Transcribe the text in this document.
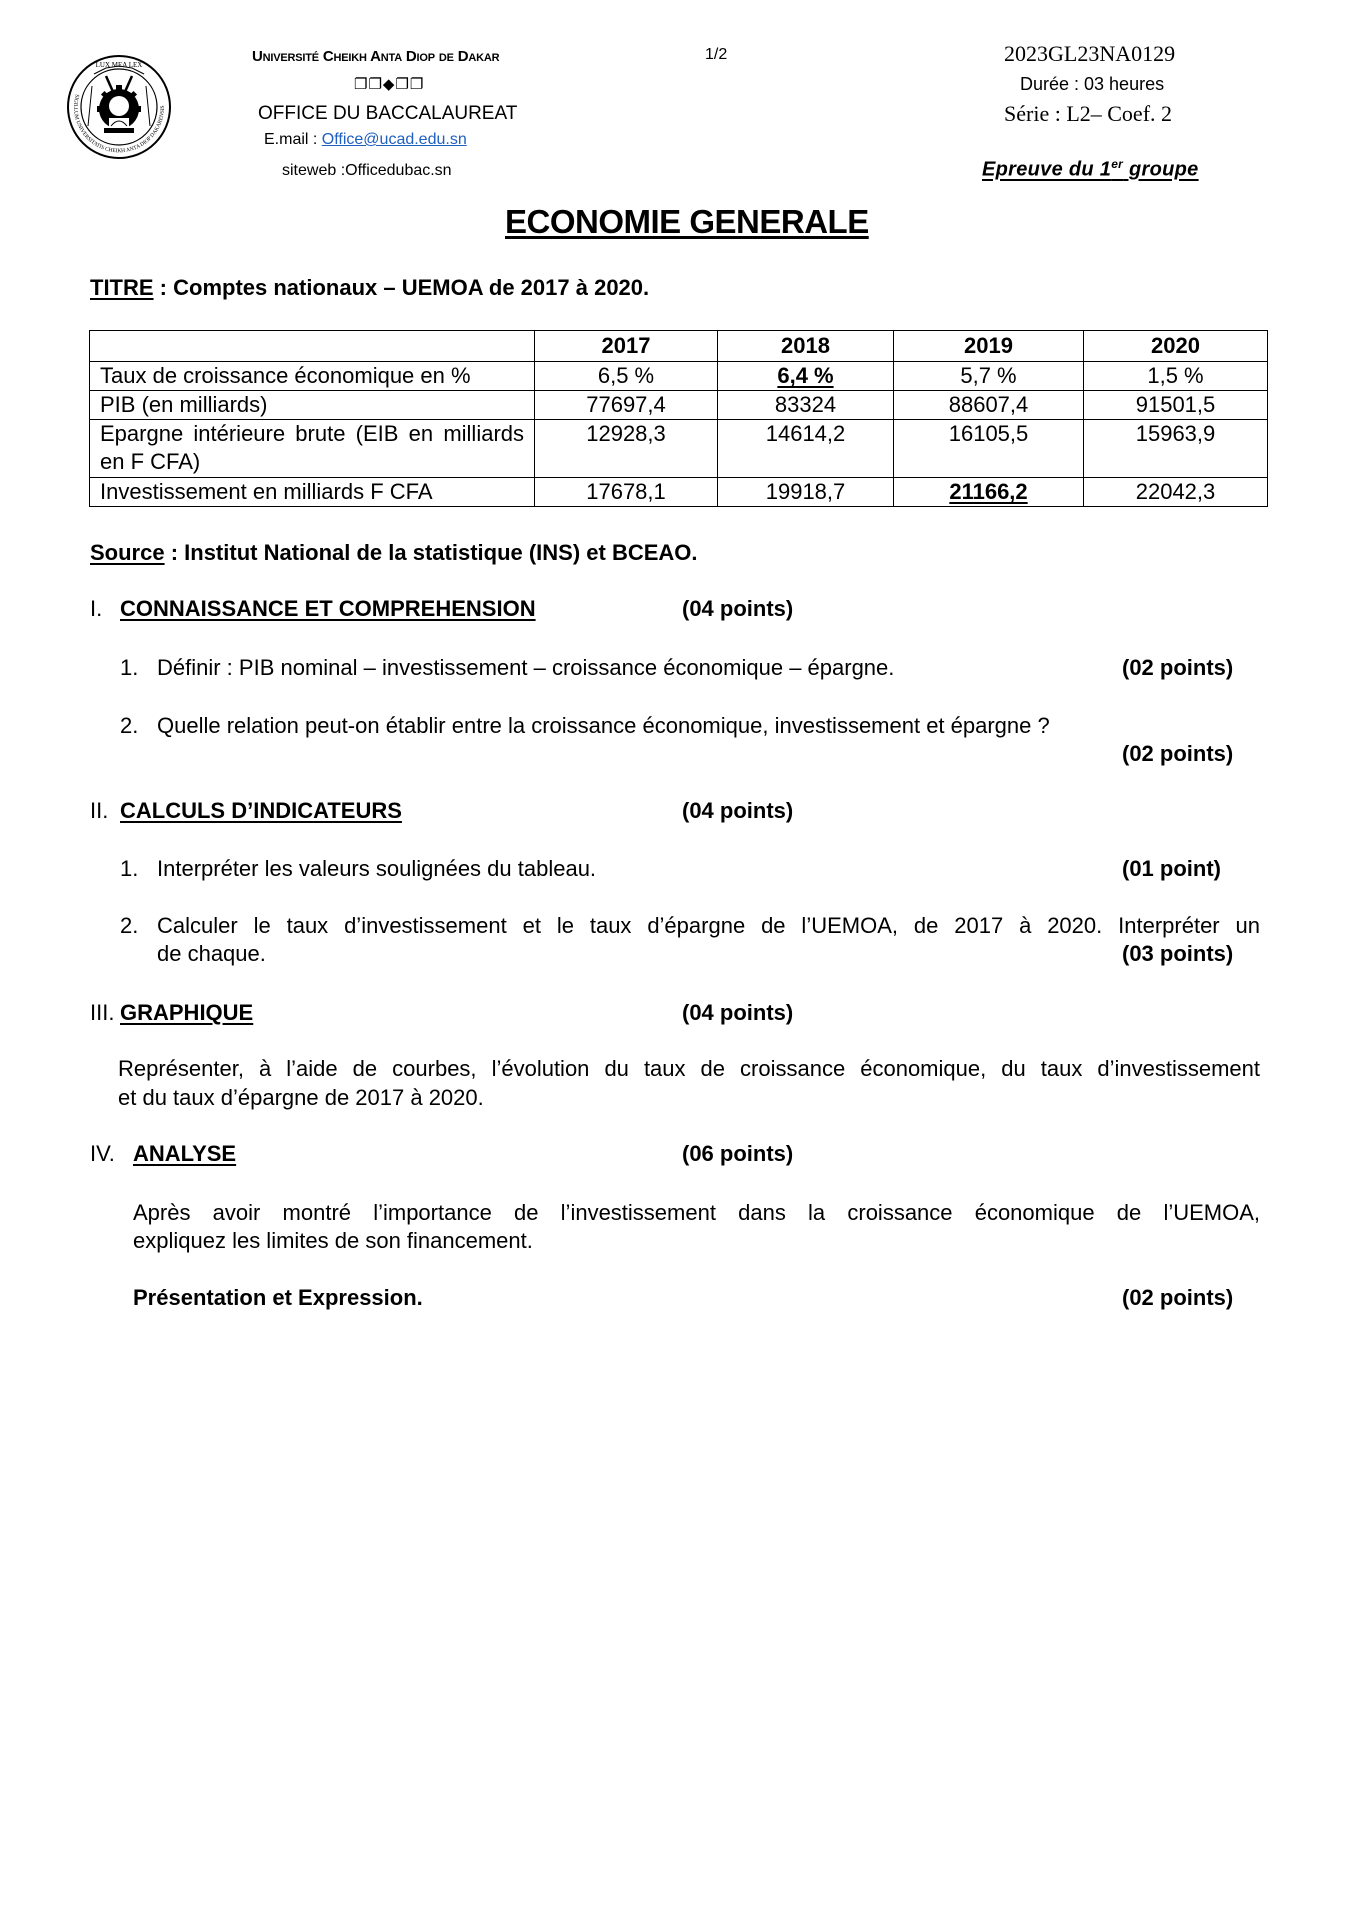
LUX MEA LEX
SIGILLUM UNIVERSITATIS CHEIKH ANTA DIOP DAKARENSIS
Université Cheikh Anta Diop de Dakar
❐❐◆❐❐
OFFICE DU BACCALAUREAT
E.mail : Office@ucad.edu.sn
siteweb :Officedubac.sn
1/2	2023GL23NA0129
Durée : 03 heures
Série : L2– Coef. 2
Epreuve du 1er groupe
ECONOMIE GENERALE
TITRE : Comptes nationaux – UEMOA de 2017 à 2020.
	2017	2018	2019	2020
Taux de croissance économique en %	6,5 %	6,4 %	5,7 %	1,5 %
PIB (en milliards)	77697,4	83324	88607,4	91501,5
Epargne intérieure brute (EIB en milliards en F CFA)	12928,3	14614,2	16105,5	15963,9
Investissement en milliards F CFA	17678,1	19918,7	21166,2	22042,3
Source : Institut National de la statistique (INS) et BCEAO.
I. CONNAISSANCE ET COMPREHENSION	(04 points)
1. Définir : PIB nominal – investissement – croissance économique – épargne.	(02 points)
2. Quelle relation peut-on établir entre la croissance économique, investissement et épargne ?
(02 points)
II. CALCULS D’INDICATEURS	(04 points)
1. Interpréter les valeurs soulignées du tableau.	(01 point)
2. Calculer le taux d’investissement et le taux d’épargne de l’UEMOA, de 2017 à 2020. Interpréter un
de chaque.	(03 points)
III. GRAPHIQUE	(04 points)
Représenter, à l’aide de courbes, l’évolution du taux de croissance économique, du taux d’investissement
et du taux d’épargne de 2017 à 2020.
IV. ANALYSE	(06 points)
Après avoir montré l’importance de l’investissement dans la croissance économique de l’UEMOA,
expliquez les limites de son financement.
Présentation et Expression.	(02 points)
